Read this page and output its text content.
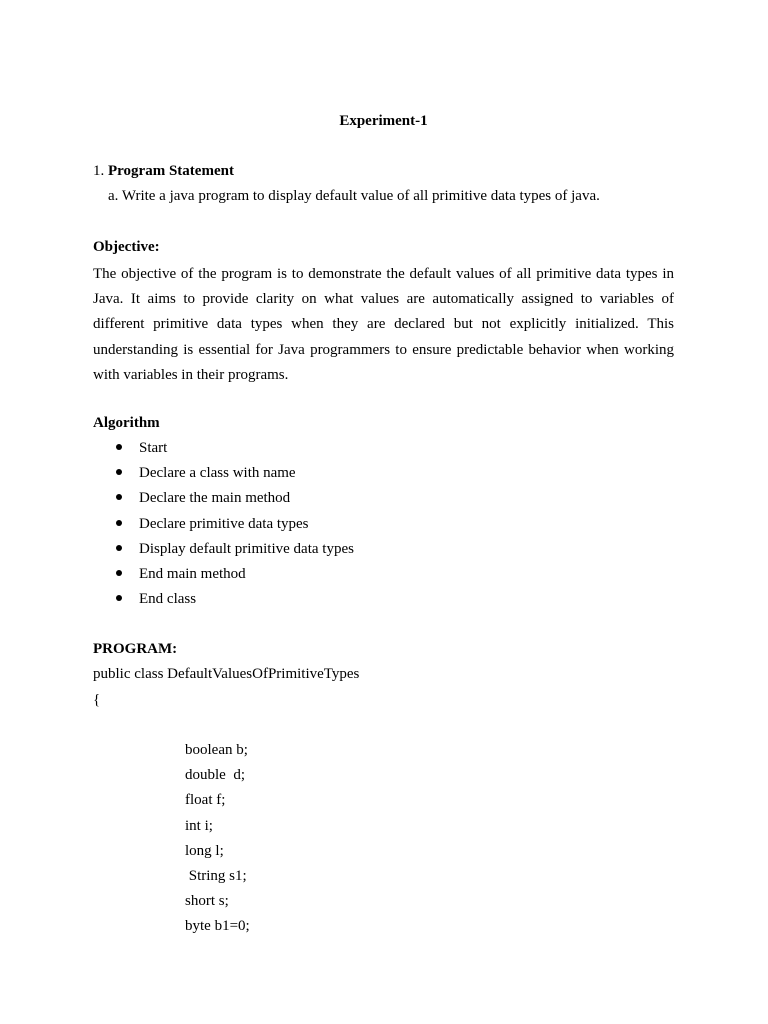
Experiment-1
1. Program Statement
a. Write a java program to display default value of all primitive data types of java.
Objective:
The objective of the program is to demonstrate the default values of all primitive data types in Java. It aims to provide clarity on what values are automatically assigned to variables of different primitive data types when they are declared but not explicitly initialized. This understanding is essential for Java programmers to ensure predictable behavior when working with variables in their programs.
Algorithm
Start
Declare a class with name
Declare the main method
Declare primitive data types
Display default primitive data types
End main method
End class
PROGRAM:
public class DefaultValuesOfPrimitiveTypes
{
boolean b;
double  d;
float f;
int i;
long l;
String s1;
short s;
byte b1=0;
